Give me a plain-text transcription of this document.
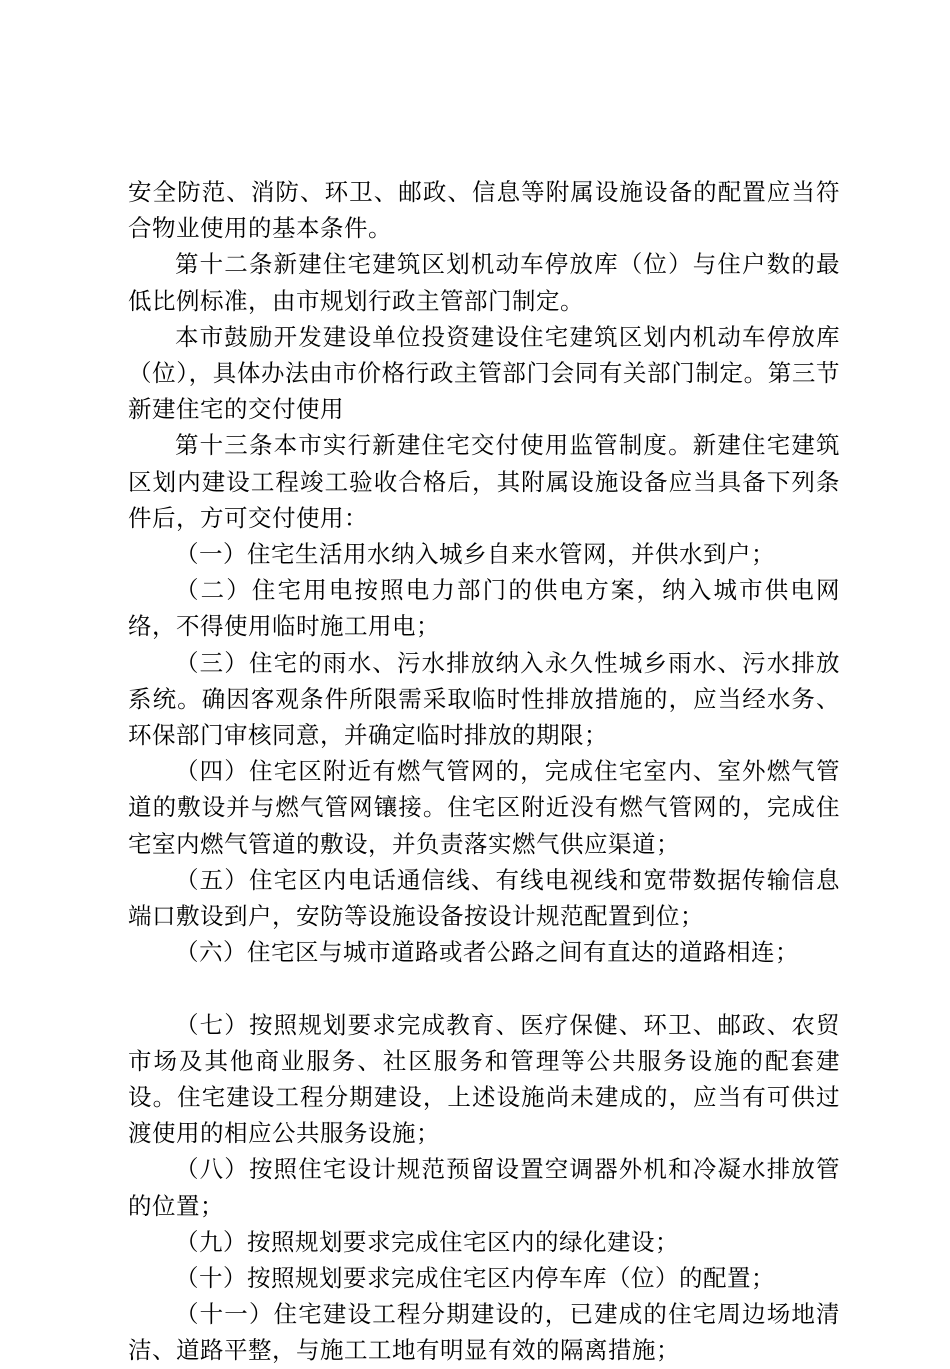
安全防范、消防、环卫、邮政、信息等附属设施设备的配置应当符合物业使用的基本条件。

第十二条新建住宅建筑区划机动车停放库（位）与住户数的最低比例标准，由市规划行政主管部门制定。

本市鼓励开发建设单位投资建设住宅建筑区划内机动车停放库（位），具体办法由市价格行政主管部门会同有关部门制定。第三节新建住宅的交付使用

第十三条本市实行新建住宅交付使用监管制度。新建住宅建筑区划内建设工程竣工验收合格后，其附属设施设备应当具备下列条件后，方可交付使用：

（一）住宅生活用水纳入城乡自来水管网，并供水到户；

（二）住宅用电按照电力部门的供电方案，纳入城市供电网络，不得使用临时施工用电；

（三）住宅的雨水、污水排放纳入永久性城乡雨水、污水排放系统。确因客观条件所限需采取临时性排放措施的，应当经水务、环保部门审核同意，并确定临时排放的期限；

（四）住宅区附近有燃气管网的，完成住宅室内、室外燃气管道的敷设并与燃气管网镶接。住宅区附近没有燃气管网的，完成住宅室内燃气管道的敷设，并负责落实燃气供应渠道；

（五）住宅区内电话通信线、有线电视线和宽带数据传输信息端口敷设到户，安防等设施设备按设计规范配置到位；

（六）住宅区与城市道路或者公路之间有直达的道路相连；

（七）按照规划要求完成教育、医疗保健、环卫、邮政、农贸市场及其他商业服务、社区服务和管理等公共服务设施的配套建设。住宅建设工程分期建设，上述设施尚未建成的，应当有可供过渡使用的相应公共服务设施；

（八）按照住宅设计规范预留设置空调器外机和冷凝水排放管的位置；

（九）按照规划要求完成住宅区内的绿化建设；

（十）按照规划要求完成住宅区内停车库（位）的配置；

（十一）住宅建设工程分期建设的，已建成的住宅周边场地清洁、道路平整，与施工工地有明显有效的隔离措施；
